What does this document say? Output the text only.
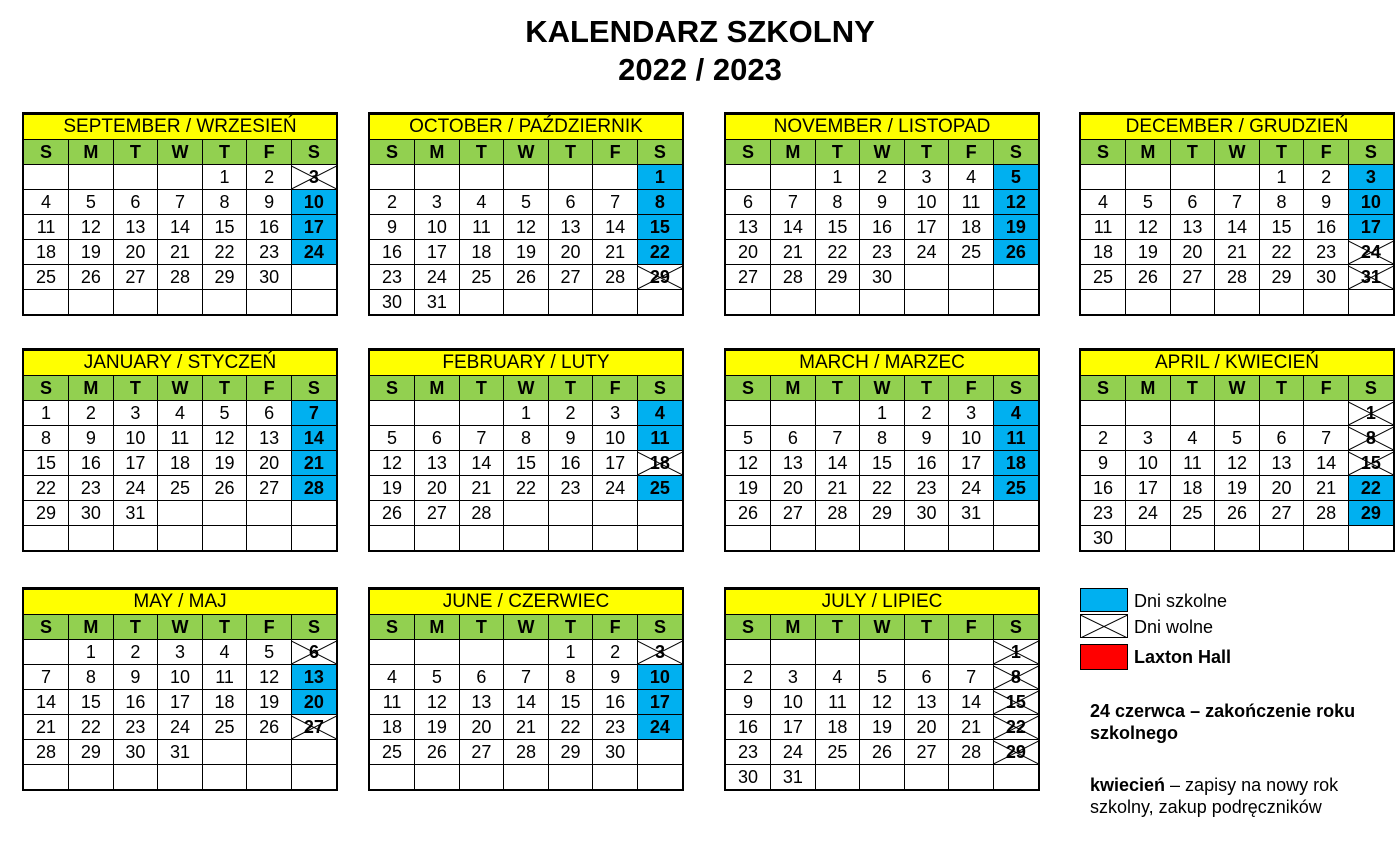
KALENDARZ SZKOLNY
2022 / 2023
SEPTEMBER / WRZESIEŃ						
S	M	T	W	T	F	S
				1	2	3
4	5	6	7	8	9	10
11	12	13	14	15	16	17
18	19	20	21	22	23	24
25	26	27	28	29	30	

OCTOBER / PAŹDZIERNIK						
S	M	T	W	T	F	S
						1
2	3	4	5	6	7	8
9	10	11	12	13	14	15
16	17	18	19	20	21	22
23	24	25	26	27	28	29
30	31					
NOVEMBER / LISTOPAD						
S	M	T	W	T	F	S
		1	2	3	4	5
6	7	8	9	10	11	12
13	14	15	16	17	18	19
20	21	22	23	24	25	26
27	28	29	30			

DECEMBER / GRUDZIEŃ						
S	M	T	W	T	F	S
				1	2	3
4	5	6	7	8	9	10
11	12	13	14	15	16	17
18	19	20	21	22	23	24
25	26	27	28	29	30	31

JANUARY / STYCZEŃ						
S	M	T	W	T	F	S
1	2	3	4	5	6	7
8	9	10	11	12	13	14
15	16	17	18	19	20	21
22	23	24	25	26	27	28
29	30	31				

FEBRUARY / LUTY						
S	M	T	W	T	F	S
			1	2	3	4
5	6	7	8	9	10	11
12	13	14	15	16	17	18
19	20	21	22	23	24	25
26	27	28				

MARCH / MARZEC						
S	M	T	W	T	F	S
			1	2	3	4
5	6	7	8	9	10	11
12	13	14	15	16	17	18
19	20	21	22	23	24	25
26	27	28	29	30	31	

APRIL / KWIECIEŃ						
S	M	T	W	T	F	S
						1
2	3	4	5	6	7	8
9	10	11	12	13	14	15
16	17	18	19	20	21	22
23	24	25	26	27	28	29
30						
MAY / MAJ						
S	M	T	W	T	F	S
	1	2	3	4	5	6
7	8	9	10	11	12	13
14	15	16	17	18	19	20
21	22	23	24	25	26	27
28	29	30	31			

JUNE / CZERWIEC						
S	M	T	W	T	F	S
				1	2	3
4	5	6	7	8	9	10
11	12	13	14	15	16	17
18	19	20	21	22	23	24
25	26	27	28	29	30	

JULY / LIPIEC						
S	M	T	W	T	F	S
						1
2	3	4	5	6	7	8
9	10	11	12	13	14	15
16	17	18	19	20	21	22
23	24	25	26	27	28	29
30	31					
Dni szkolne
Dni wolne
Laxton Hall
24 czerwca – zakończenie roku szkolnego
kwiecień – zapisy na nowy rok szkolny, zakup podręczników
